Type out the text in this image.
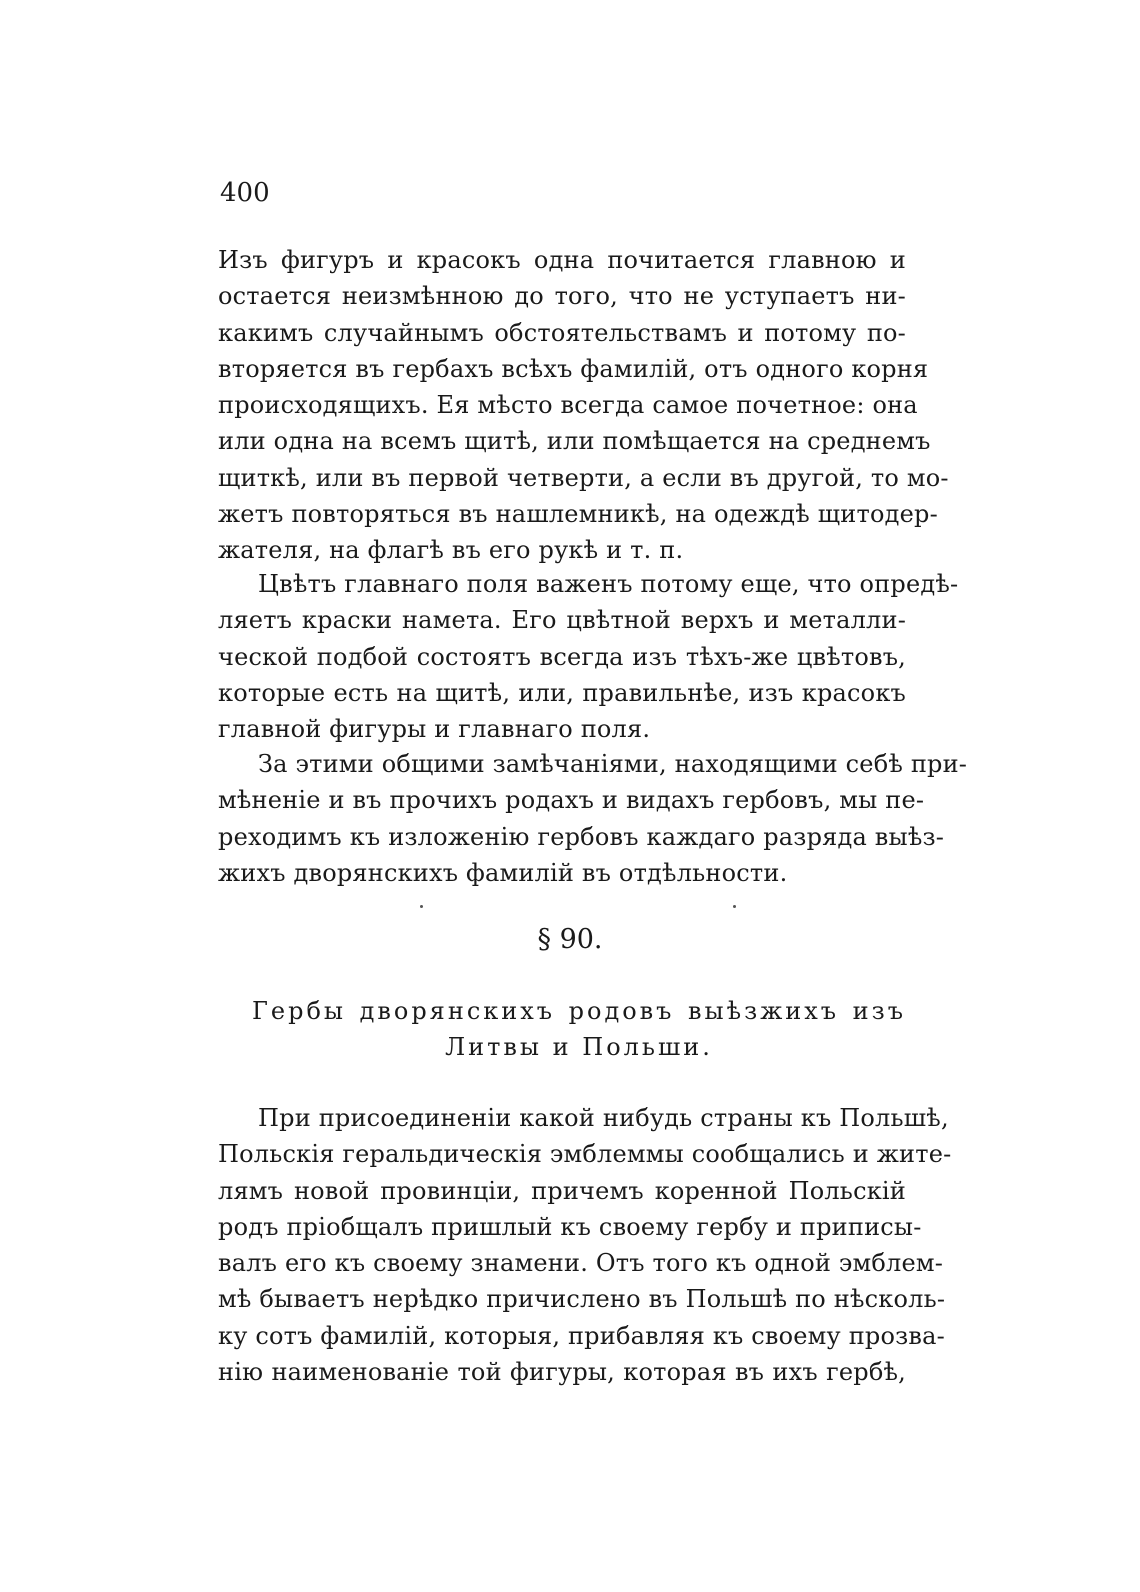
400
Изъ фигуръ и красокъ одна почитается главною и
остается неизмѣнною до того, что не уступаетъ ни-
какимъ случайнымъ обстоятельствамъ и потому по-
вторяется въ гербахъ всѣхъ фамилій, отъ одного корня
происходящихъ. Ея мѣсто всегда самое почетное: она
или одна на всемъ щитѣ, или помѣщается на среднемъ
щиткѣ, или въ первой четверти, а если въ другой, то мо-
жетъ повторяться въ нашлемникѣ, на одеждѣ щитодер-
жателя, на флагѣ въ его рукѣ и т. п.
Цвѣтъ главнаго поля важенъ потому еще, что опредѣ-
ляетъ краски намета. Его цвѣтной верхъ и металли-
ческой подбой состоятъ всегда изъ тѣхъ-же цвѣтовъ,
которые есть на щитѣ, или, правильнѣе, изъ красокъ
главной фигуры и главнаго поля.
За этими общими замѣчаніями, находящими себѣ при-
мѣненіе и въ прочихъ родахъ и видахъ гербовъ, мы пе-
реходимъ къ изложенію гербовъ каждаго разряда выѣз-
жихъ дворянскихъ фамилій въ отдѣльности.
§ 90.
Гербы дворянскихъ родовъ выѣзжихъ изъ
Литвы и Польши.
При присоединеніи какой нибудь страны къ Польшѣ,
Польскія геральдическія эмблеммы сообщались и жите-
лямъ новой провинціи, причемъ коренной Польскій
родъ пріобщалъ пришлый къ своему гербу и приписы-
валъ его къ своему знамени. Отъ того къ одной эмблем-
мѣ бываетъ нерѣдко причислено въ Польшѣ по нѣсколь-
ку сотъ фамилій, которыя, прибавляя къ своему прозва-
нію наименованіе той фигуры, которая въ ихъ гербѣ,
